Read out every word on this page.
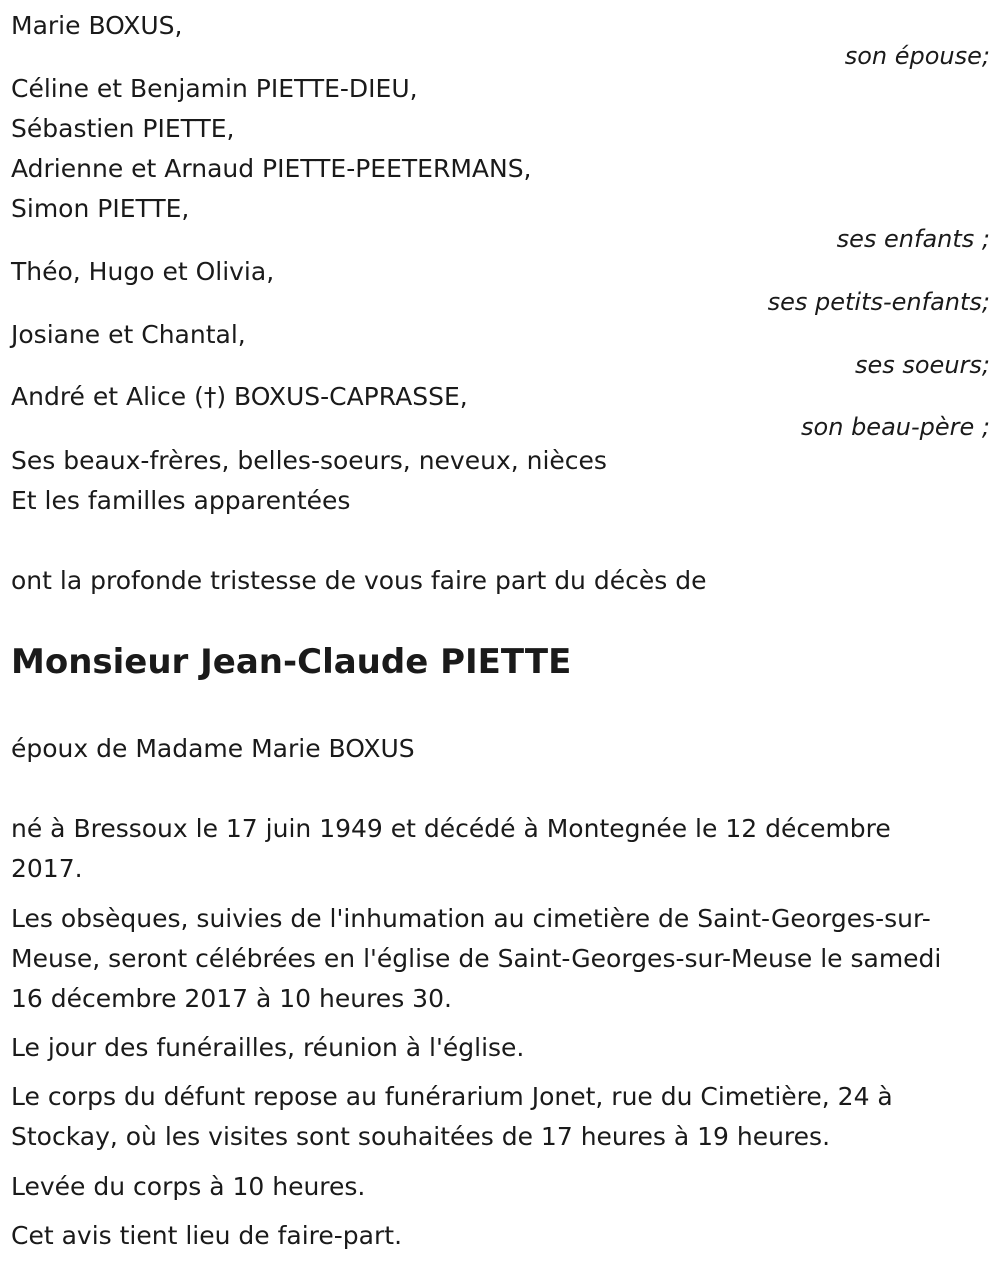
Marie BOXUS,
son épouse;
Céline et Benjamin PIETTE-DIEU,
Sébastien PIETTE,
Adrienne et Arnaud PIETTE-PEETERMANS,
Simon PIETTE,
ses enfants ;
Théo, Hugo et Olivia,
ses petits-enfants;
Josiane et Chantal,
ses soeurs;
André et Alice (†) BOXUS-CAPRASSE,
son beau-père ;
Ses beaux-frères, belles-soeurs, neveux, nièces
Et les familles apparentées
ont la profonde tristesse de vous faire part du décès de
Monsieur Jean-Claude PIETTE
époux de Madame Marie BOXUS
né à Bressoux le 17 juin 1949 et décédé à Montegnée le 12 décembre 2017.
Les obsèques, suivies de l'inhumation au cimetière de Saint-Georges-sur-Meuse, seront célébrées en l'église de Saint-Georges-sur-Meuse le samedi 16 décembre 2017 à 10 heures 30.
Le jour des funérailles, réunion à l'église.
Le corps du défunt repose au funérarium Jonet, rue du Cimetière, 24 à Stockay, où les visites sont souhaitées de 17 heures à 19 heures.
Levée du corps à 10 heures.
Cet avis tient lieu de faire-part.
